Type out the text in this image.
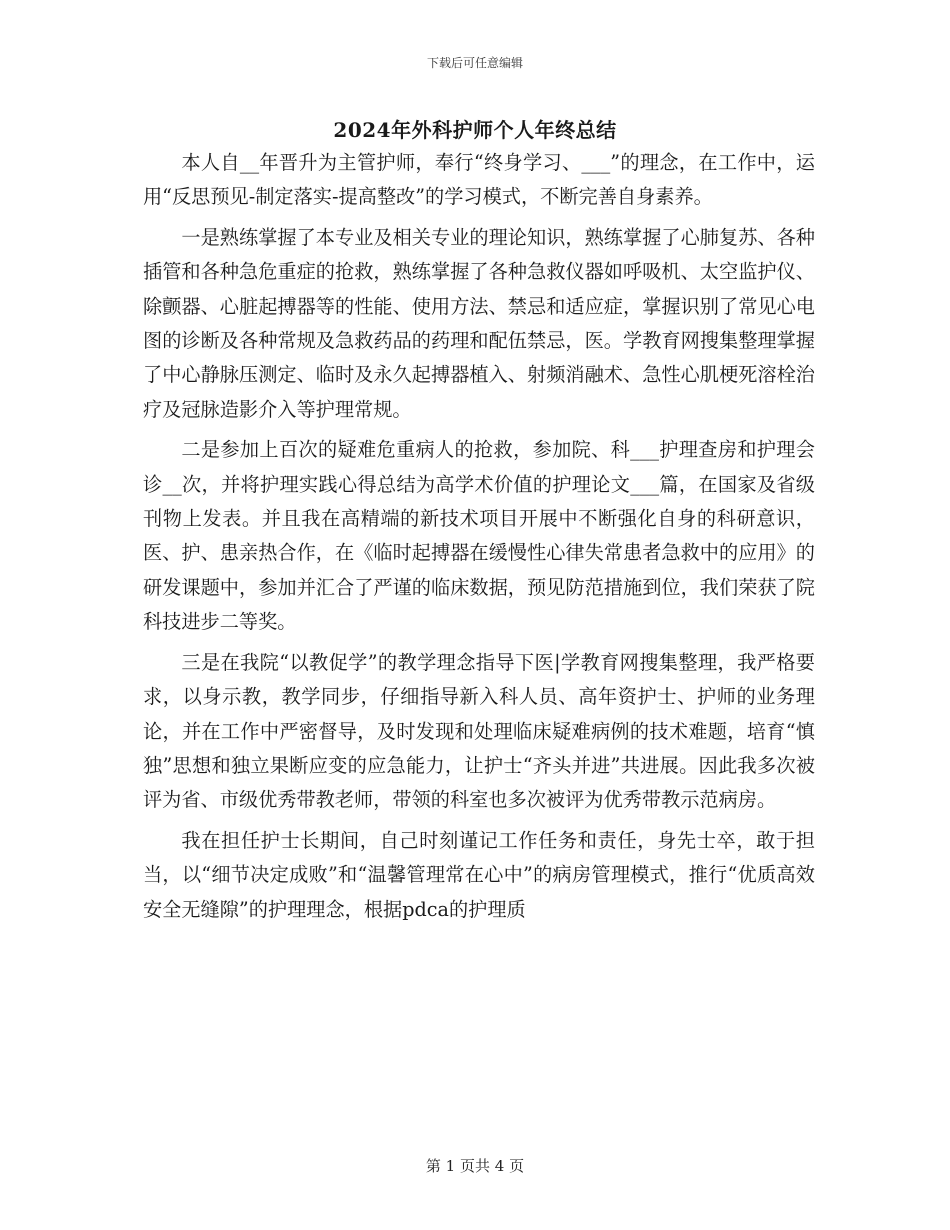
下载后可任意编辑
2024年外科护师个人年终总结

本人自__年晋升为主管护师，奉行“终身学习、___”的理念，在工作中，运用“反思预见-制定落实-提高整改”的学习模式，不断完善自身素养。

一是熟练掌握了本专业及相关专业的理论知识，熟练掌握了心肺复苏、各种插管和各种急危重症的抢救，熟练掌握了各种急救仪器如呼吸机、太空监护仪、除颤器、心脏起搏器等的性能、使用方法、禁忌和适应症，掌握识别了常见心电图的诊断及各种常规及急救药品的药理和配伍禁忌，医。学教育网搜集整理掌握了中心静脉压测定、临时及永久起搏器植入、射频消融术、急性心肌梗死溶栓治疗及冠脉造影介入等护理常规。

二是参加上百次的疑难危重病人的抢救，参加院、科___护理查房和护理会诊__次，并将护理实践心得总结为高学术价值的护理论文___篇，在国家及省级刊物上发表。并且我在高精端的新技术项目开展中不断强化自身的科研意识，医、护、患亲热合作，在《临时起搏器在缓慢性心律失常患者急救中的应用》的研发课题中，参加并汇合了严谨的临床数据，预见防范措施到位，我们荣获了院科技进步二等奖。

三是在我院“以教促学”的教学理念指导下医|学教育网搜集整理，我严格要求，以身示教，教学同步，仔细指导新入科人员、高年资护士、护师的业务理论，并在工作中严密督导，及时发现和处理临床疑难病例的技术难题，培育“慎独”思想和独立果断应变的应急能力，让护士“齐头并进”共进展。因此我多次被评为省、市级优秀带教老师，带领的科室也多次被评为优秀带教示范病房。

我在担任护士长期间，自己时刻谨记工作任务和责任，身先士卒，敢于担当，以“细节决定成败”和“温馨管理常在心中”的病房管理模式，推行“优质高效安全无缝隙”的护理理念，根据pdca的护理质

第 1 页共 4 页
